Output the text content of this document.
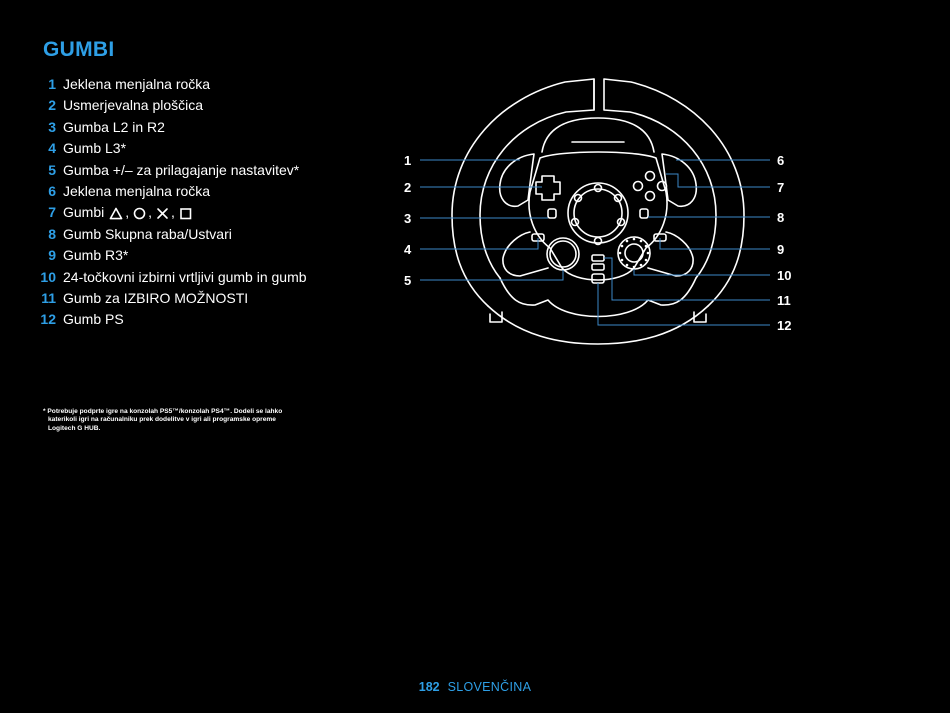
GUMBI
1 Jeklena menjalna ročka
2 Usmerjevalna ploščica
3 Gumba L2 in R2
4 Gumb L3*
5 Gumba +/– za prilagajanje nastavitev*
6 Jeklena menjalna ročka
7 Gumbi , , ,
8 Gumb Skupna raba/Ustvari
9 Gumb R3*
10 24-točkovni izbirni vrtljivi gumb in gumb
11 Gumb za IZBIRO MOŽNOSTI
12 Gumb PS
* Potrebuje podprte igre na konzolah PS5™/konzolah PS4™. Dodeli se lahko
katerikoli igri na računalniku prek dodelitve v igri ali programske opreme
Logitech G HUB.
1
2
3
4
5
6
7
8
9
10
11
12
182 SLOVENČINA
